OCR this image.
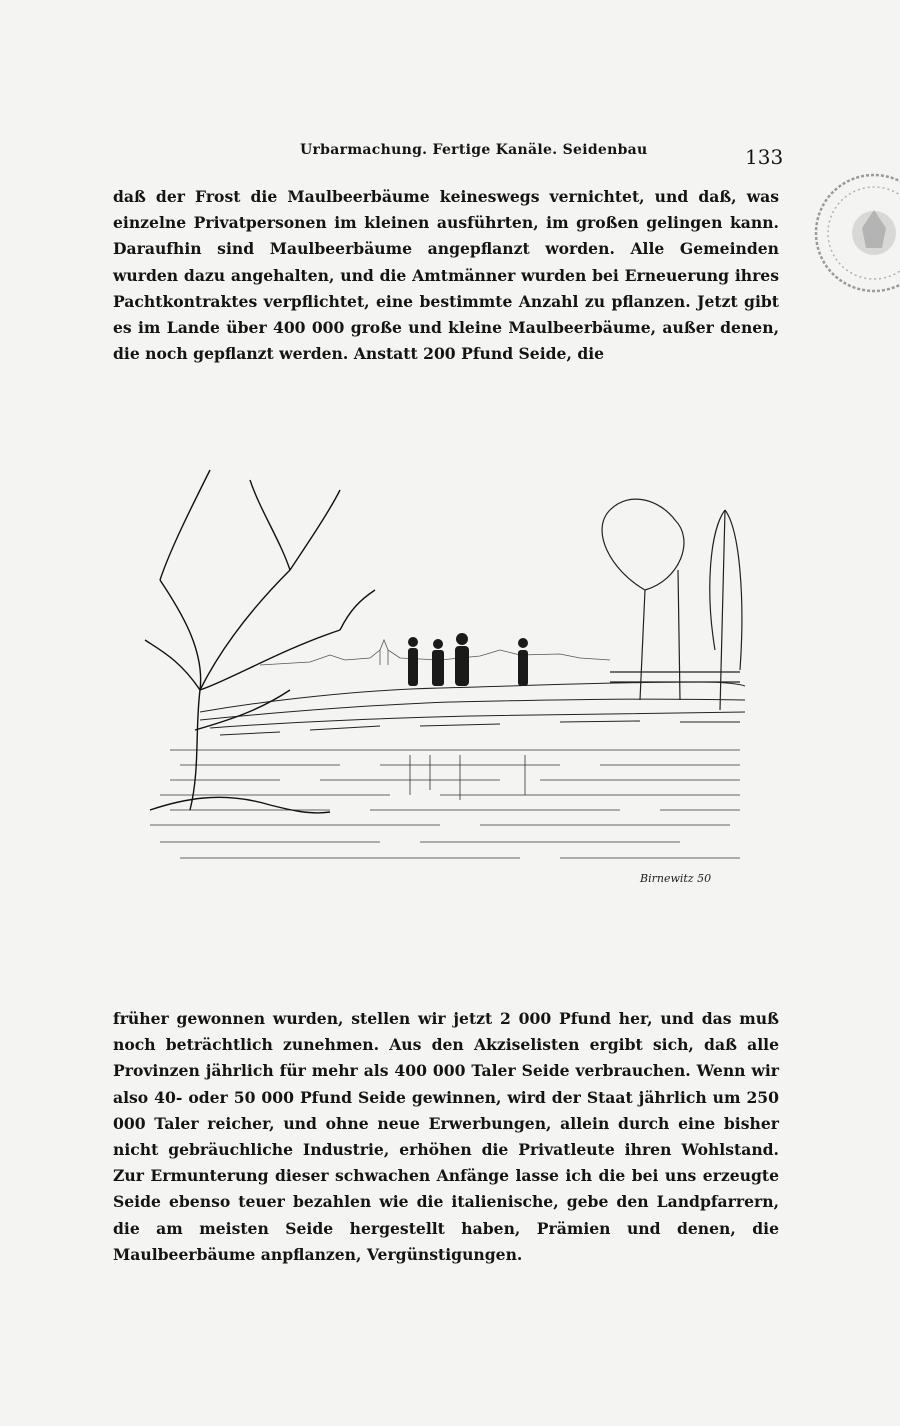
Urbarmachung. Fertige Kanäle. Seidenbau	133

daß der Frost die Maulbeerbäume keineswegs vernichtet, und daß, was einzelne Privatpersonen im kleinen ausführten, im großen gelingen kann. Daraufhin sind Maulbeerbäume angepflanzt worden. Alle Gemeinden wurden dazu angehalten, und die Amtmänner wurden bei Erneuerung ihres Pachtkontraktes verpflichtet, eine bestimmte Anzahl zu pflanzen. Jetzt gibt es im Lande über 400 000 große und kleine Maulbeerbäume, außer denen, die noch gepflanzt werden. Anstatt 200 Pfund Seide, die

Birnewitz 50

früher gewonnen wurden, stellen wir jetzt 2 000 Pfund her, und das muß noch beträchtlich zunehmen. Aus den Akziselisten ergibt sich, daß alle Provinzen jährlich für mehr als 400 000 Taler Seide verbrauchen. Wenn wir also 40- oder 50 000 Pfund Seide gewinnen, wird der Staat jährlich um 250 000 Taler reicher, und ohne neue Erwerbungen, allein durch eine bisher nicht gebräuchliche Industrie, erhöhen die Privatleute ihren Wohlstand. Zur Ermunterung dieser schwachen Anfänge lasse ich die bei uns erzeugte Seide ebenso teuer bezahlen wie die italienische, gebe den Landpfarrern, die am meisten Seide hergestellt haben, Prämien und denen, die Maulbeerbäume anpflanzen, Vergünstigungen.
